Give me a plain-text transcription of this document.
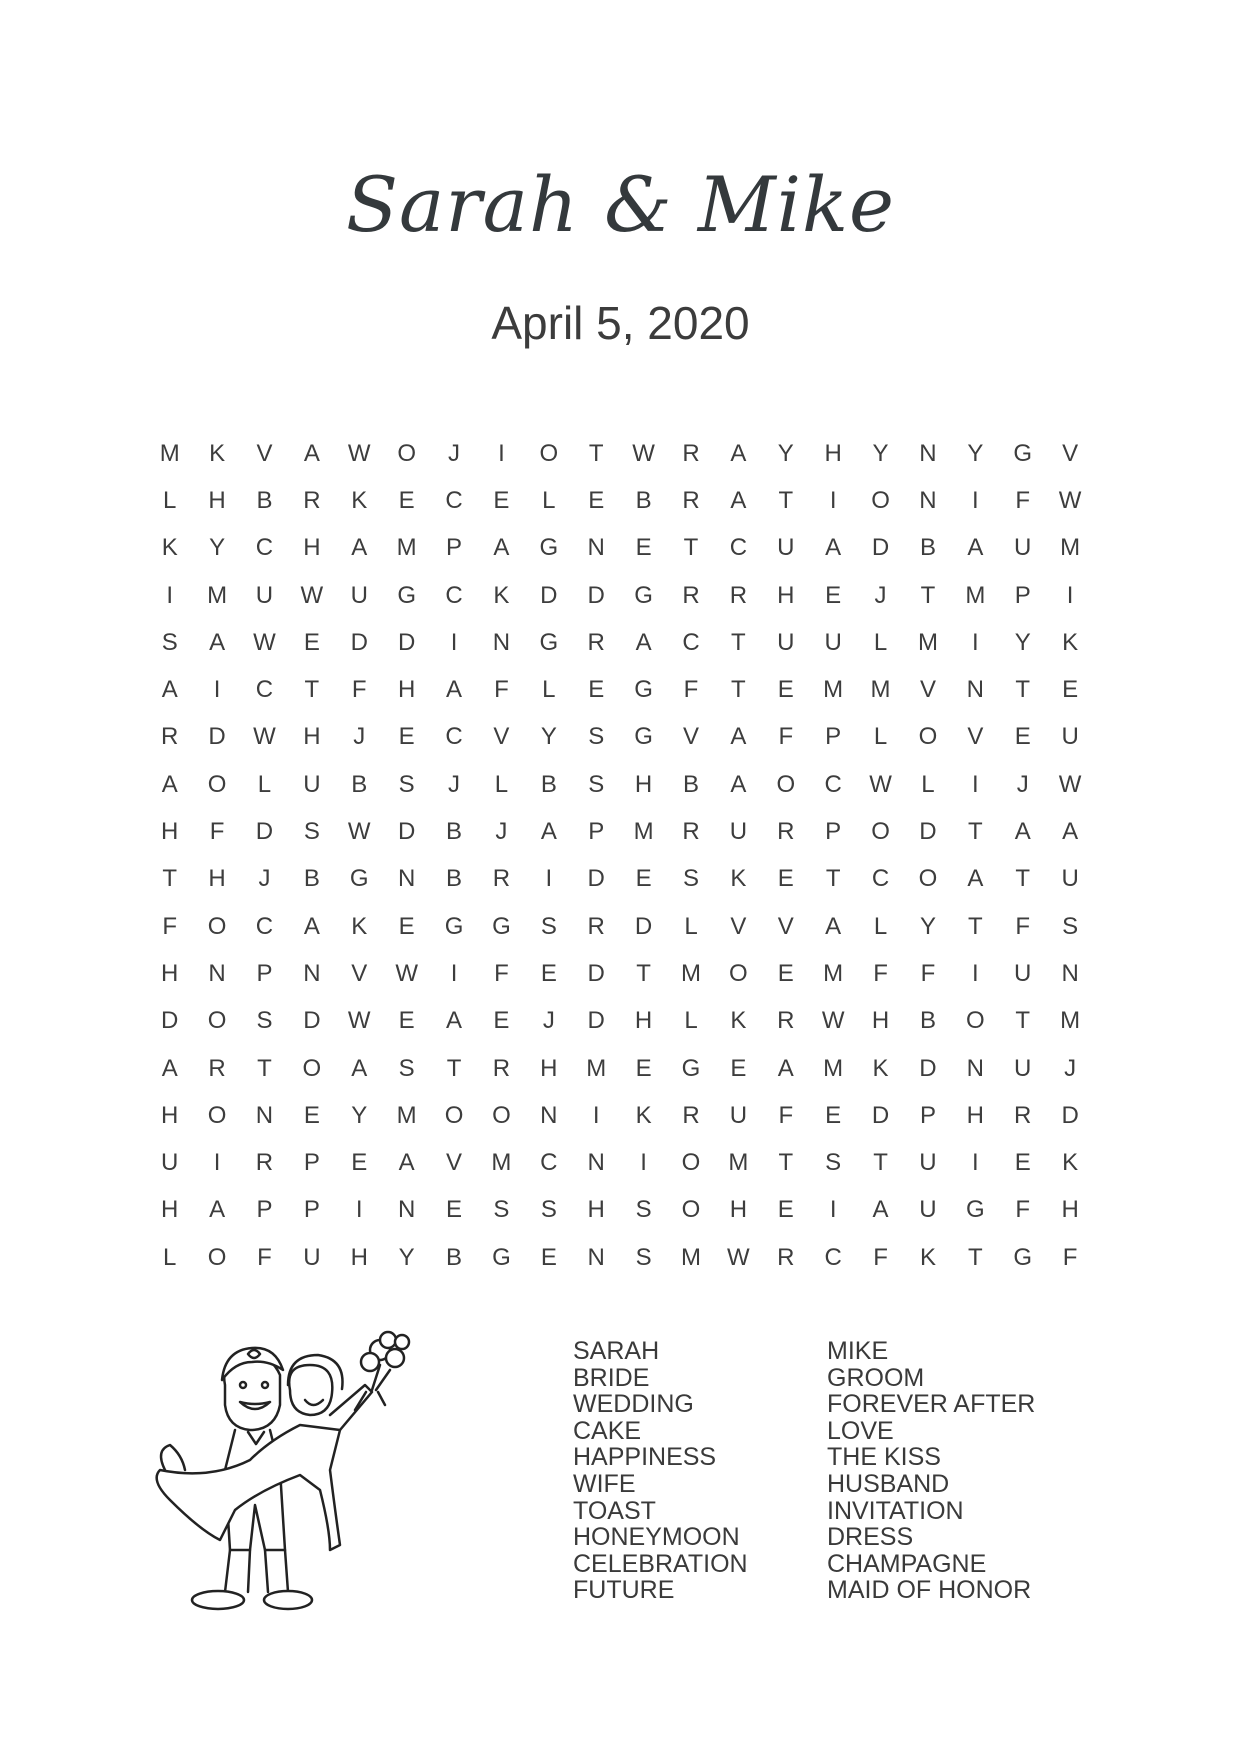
Sarah & Mike
April 5, 2020
M	K	V	A	W	O	J	I	O	T	W	R	A	Y	H	Y	N	Y	G	V
L	H	B	R	K	E	C	E	L	E	B	R	A	T	I	O	N	I	F	W
K	Y	C	H	A	M	P	A	G	N	E	T	C	U	A	D	B	A	U	M
I	M	U	W	U	G	C	K	D	D	G	R	R	H	E	J	T	M	P	I
S	A	W	E	D	D	I	N	G	R	A	C	T	U	U	L	M	I	Y	K
A	I	C	T	F	H	A	F	L	E	G	F	T	E	M	M	V	N	T	E
R	D	W	H	J	E	C	V	Y	S	G	V	A	F	P	L	O	V	E	U
A	O	L	U	B	S	J	L	B	S	H	B	A	O	C	W	L	I	J	W
H	F	D	S	W	D	B	J	A	P	M	R	U	R	P	O	D	T	A	A
T	H	J	B	G	N	B	R	I	D	E	S	K	E	T	C	O	A	T	U
F	O	C	A	K	E	G	G	S	R	D	L	V	V	A	L	Y	T	F	S
H	N	P	N	V	W	I	F	E	D	T	M	O	E	M	F	F	I	U	N
D	O	S	D	W	E	A	E	J	D	H	L	K	R	W	H	B	O	T	M
A	R	T	O	A	S	T	R	H	M	E	G	E	A	M	K	D	N	U	J
H	O	N	E	Y	M	O	O	N	I	K	R	U	F	E	D	P	H	R	D
U	I	R	P	E	A	V	M	C	N	I	O	M	T	S	T	U	I	E	K
H	A	P	P	I	N	E	S	S	H	S	O	H	E	I	A	U	G	F	H
L	O	F	U	H	Y	B	G	E	N	S	M	W	R	C	F	K	T	G	F
SARAH
BRIDE
WEDDING
CAKE
HAPPINESS
WIFE
TOAST
HONEYMOON
CELEBRATION
FUTURE
MIKE
GROOM
FOREVER AFTER
LOVE
THE KISS
HUSBAND
INVITATION
DRESS
CHAMPAGNE
MAID OF HONOR
